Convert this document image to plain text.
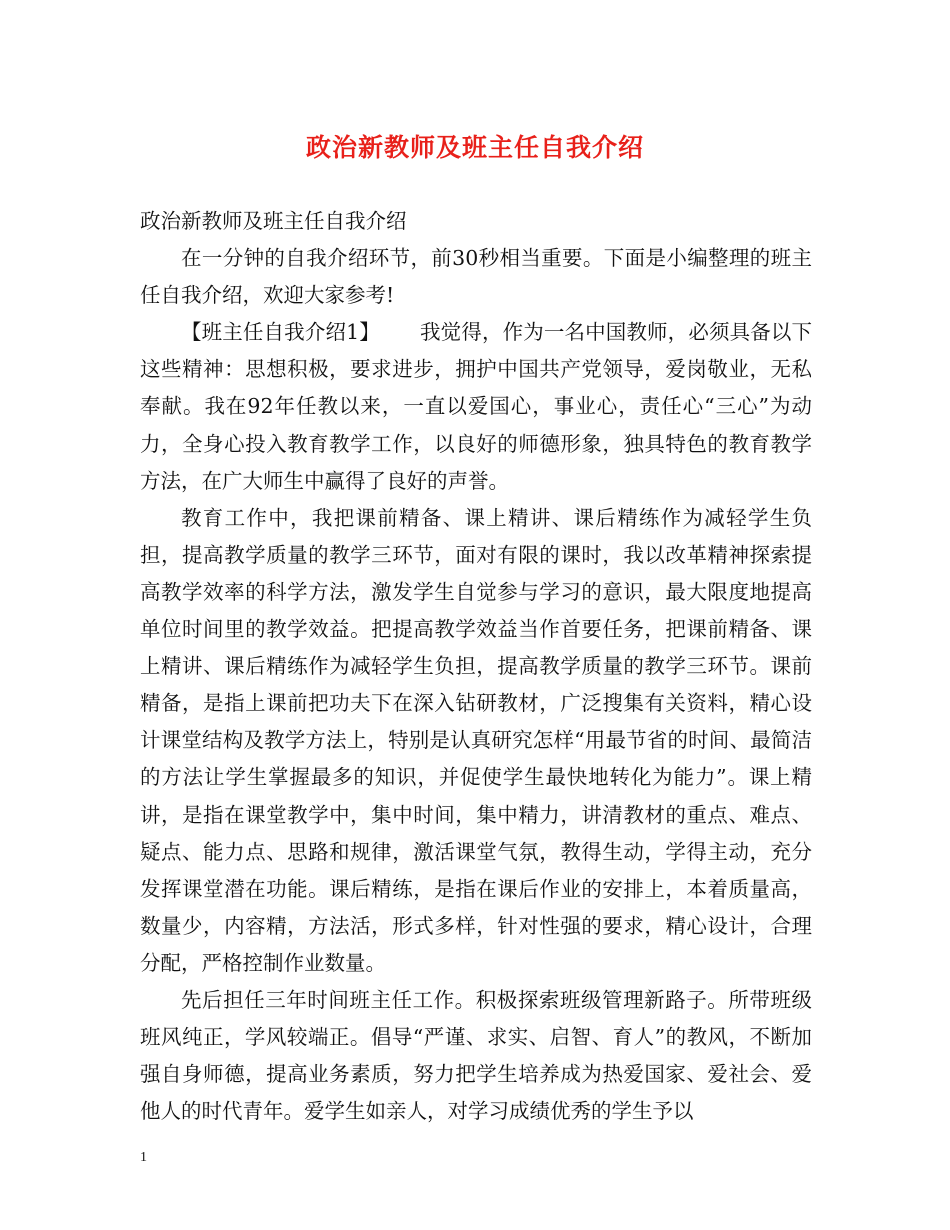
政治新教师及班主任自我介绍

政治新教师及班主任自我介绍

在一分钟的自我介绍环节，前30秒相当重要。下面是小编整理的班主任自我介绍，欢迎大家参考!

【班主任自我介绍1】 我觉得，作为一名中国教师，必须具备以下这些精神：思想积极，要求进步，拥护中国共产党领导，爱岗敬业，无私奉献。我在92年任教以来，一直以爱国心，事业心，责任心“三心”为动力，全身心投入教育教学工作，以良好的师德形象，独具特色的教育教学方法，在广大师生中赢得了良好的声誉。

教育工作中，我把课前精备、课上精讲、课后精练作为减轻学生负担，提高教学质量的教学三环节，面对有限的课时，我以改革精神探索提高教学效率的科学方法，激发学生自觉参与学习的意识，最大限度地提高单位时间里的教学效益。把提高教学效益当作首要任务，把课前精备、课上精讲、课后精练作为减轻学生负担，提高教学质量的教学三环节。课前精备，是指上课前把功夫下在深入钻研教材，广泛搜集有关资料，精心设计课堂结构及教学方法上，特别是认真研究怎样“用最节省的时间、最简洁的方法让学生掌握最多的知识，并促使学生最快地转化为能力”。课上精讲，是指在课堂教学中，集中时间，集中精力，讲清教材的重点、难点、疑点、能力点、思路和规律，激活课堂气氛，教得生动，学得主动，充分发挥课堂潜在功能。课后精练，是指在课后作业的安排上，本着质量高，数量少，内容精，方法活，形式多样，针对性强的要求，精心设计，合理分配，严格控制作业数量。

先后担任三年时间班主任工作。积极探索班级管理新路子。所带班级班风纯正，学风较端正。倡导“严谨、求实、启智、育人”的教风，不断加强自身师德，提高业务素质，努力把学生培养成为热爱国家、爱社会、爱他人的时代青年。爱学生如亲人，对学习成绩优秀的学生予以

1
